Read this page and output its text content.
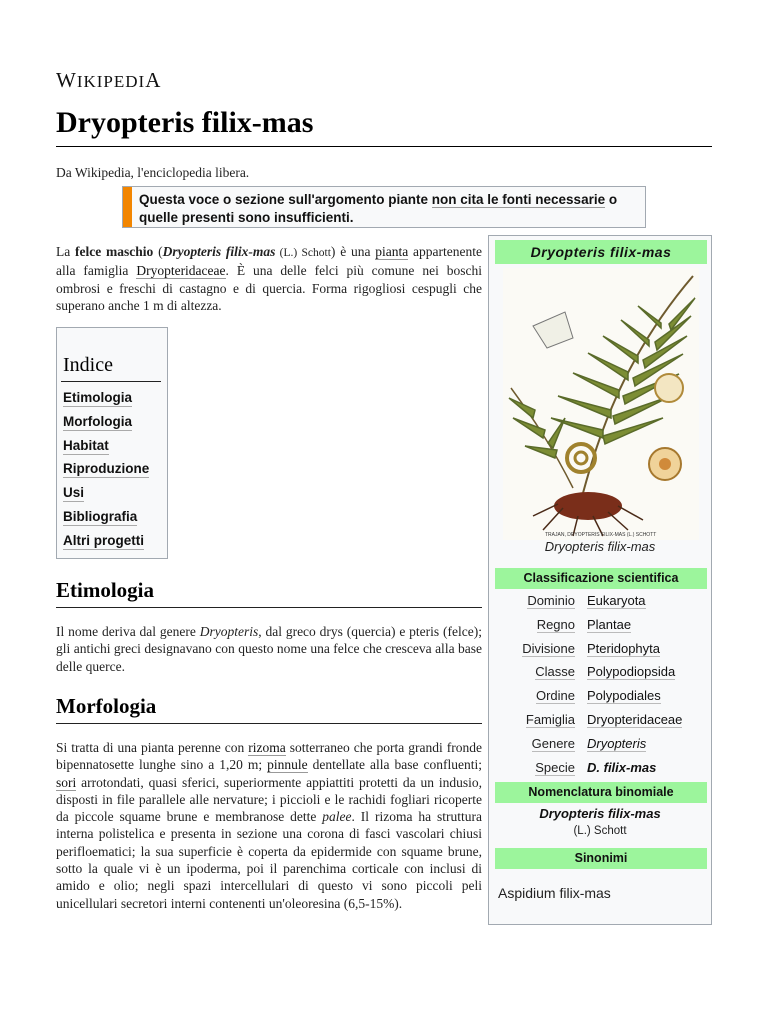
WIKIPEDIA
Dryopteris filix-mas
Da Wikipedia, l'enciclopedia libera.
Questa voce o sezione sull'argomento piante non cita le fonti necessarie o quelle presenti sono insufficienti.

La felce maschio (Dryopteris filix-mas (L.) Schott) è una pianta appartenente alla famiglia Dryopteridaceae. È una delle felci più comune nei boschi ombrosi e freschi di castagno e di quercia. Forma rigogliosi cespugli che superano anche 1 m di altezza.

Indice
Etimologia
Morfologia
Habitat
Riproduzione
Usi
Bibliografia
Altri progetti
Etimologia

Il nome deriva dal genere Dryopteris, dal greco drys (quercia) e pteris (felce); gli antichi greci designavano con questo nome una felce che cresceva alla base delle querce.

Morfologia

Si tratta di una pianta perenne con rizoma sotterraneo che porta grandi fronde bipennatosette lunghe sino a 1,20 m; pinnule dentellate alla base confluenti; sori arrotondati, quasi sferici, superiormente appiattiti protetti da un indusio, disposti in file parallele alle nervature; i piccioli e le rachidi fogliari ricoperte da piccole squame brune e membranose dette palee. Il rizoma ha struttura interna polistelica e presenta in sezione una corona di fasci vascolari chiusi perifloematici; la sua superficie è coperta da epidermide con squame brune, sotto la quale vi è un ipoderma, poi il parenchima corticale con inclusi di amido e olio; negli spazi intercellulari di questo vi sono piccoli peli unicellulari secretori interni contenenti un'oleoresina (6,5-15%).

Dryopteris filix-mas
TRAJAN, DRYOPTERIS FILIX-MAS (L.) SCHOTT
Dryopteris filix-mas
Classificazione scientifica
Dominio Eukaryota
Regno Plantae
Divisione Pteridophyta
Classe Polypodiopsida
Ordine Polypodiales
Famiglia Dryopteridaceae
Genere Dryopteris
Specie D. filix-mas
Nomenclatura binomiale
Dryopteris filix-mas
(L.) Schott
Sinonimi
Aspidium filix-mas
